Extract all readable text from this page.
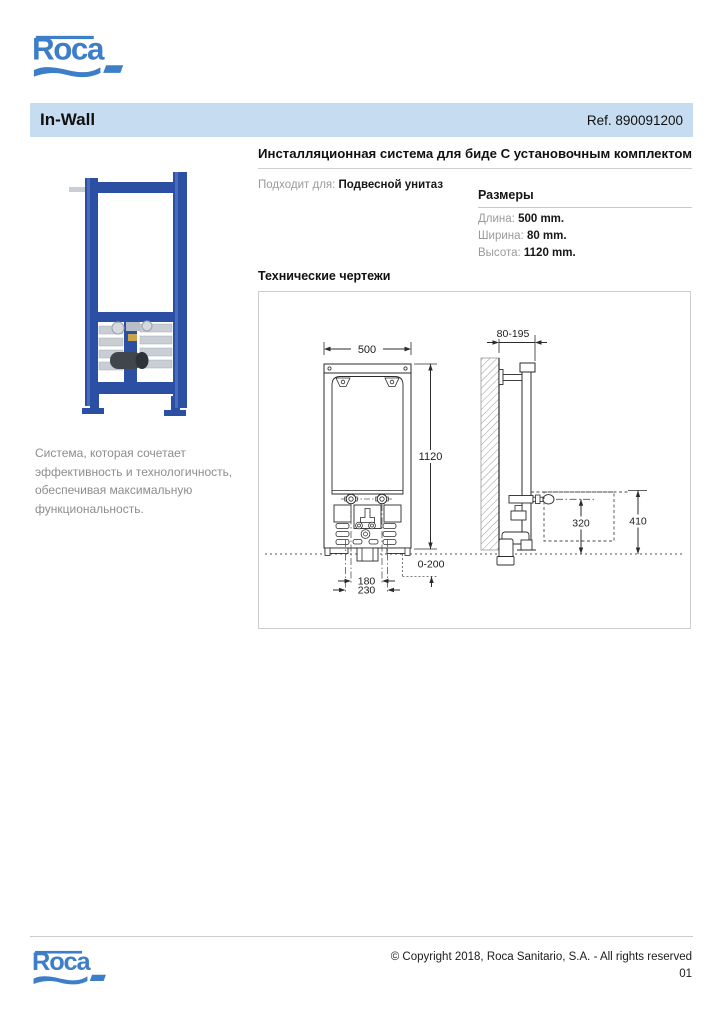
Roca
In-Wall	Ref. 890091200
Инсталляционная система для биде С установочным комплектом
Подходит для: Подвесной унитаз
Размеры
Длина: 500 mm.
Ширина: 80 mm.
Высота: 1120 mm.
Технические чертежи
500
180
230
0-200
1120
80-195
410
320
Система, которая сочетает эффективность и технологичность, обеспечивая максимальную функциональность.
Roca	© Copyright 2018, Roca Sanitario, S.A. - All rights reserved
01
